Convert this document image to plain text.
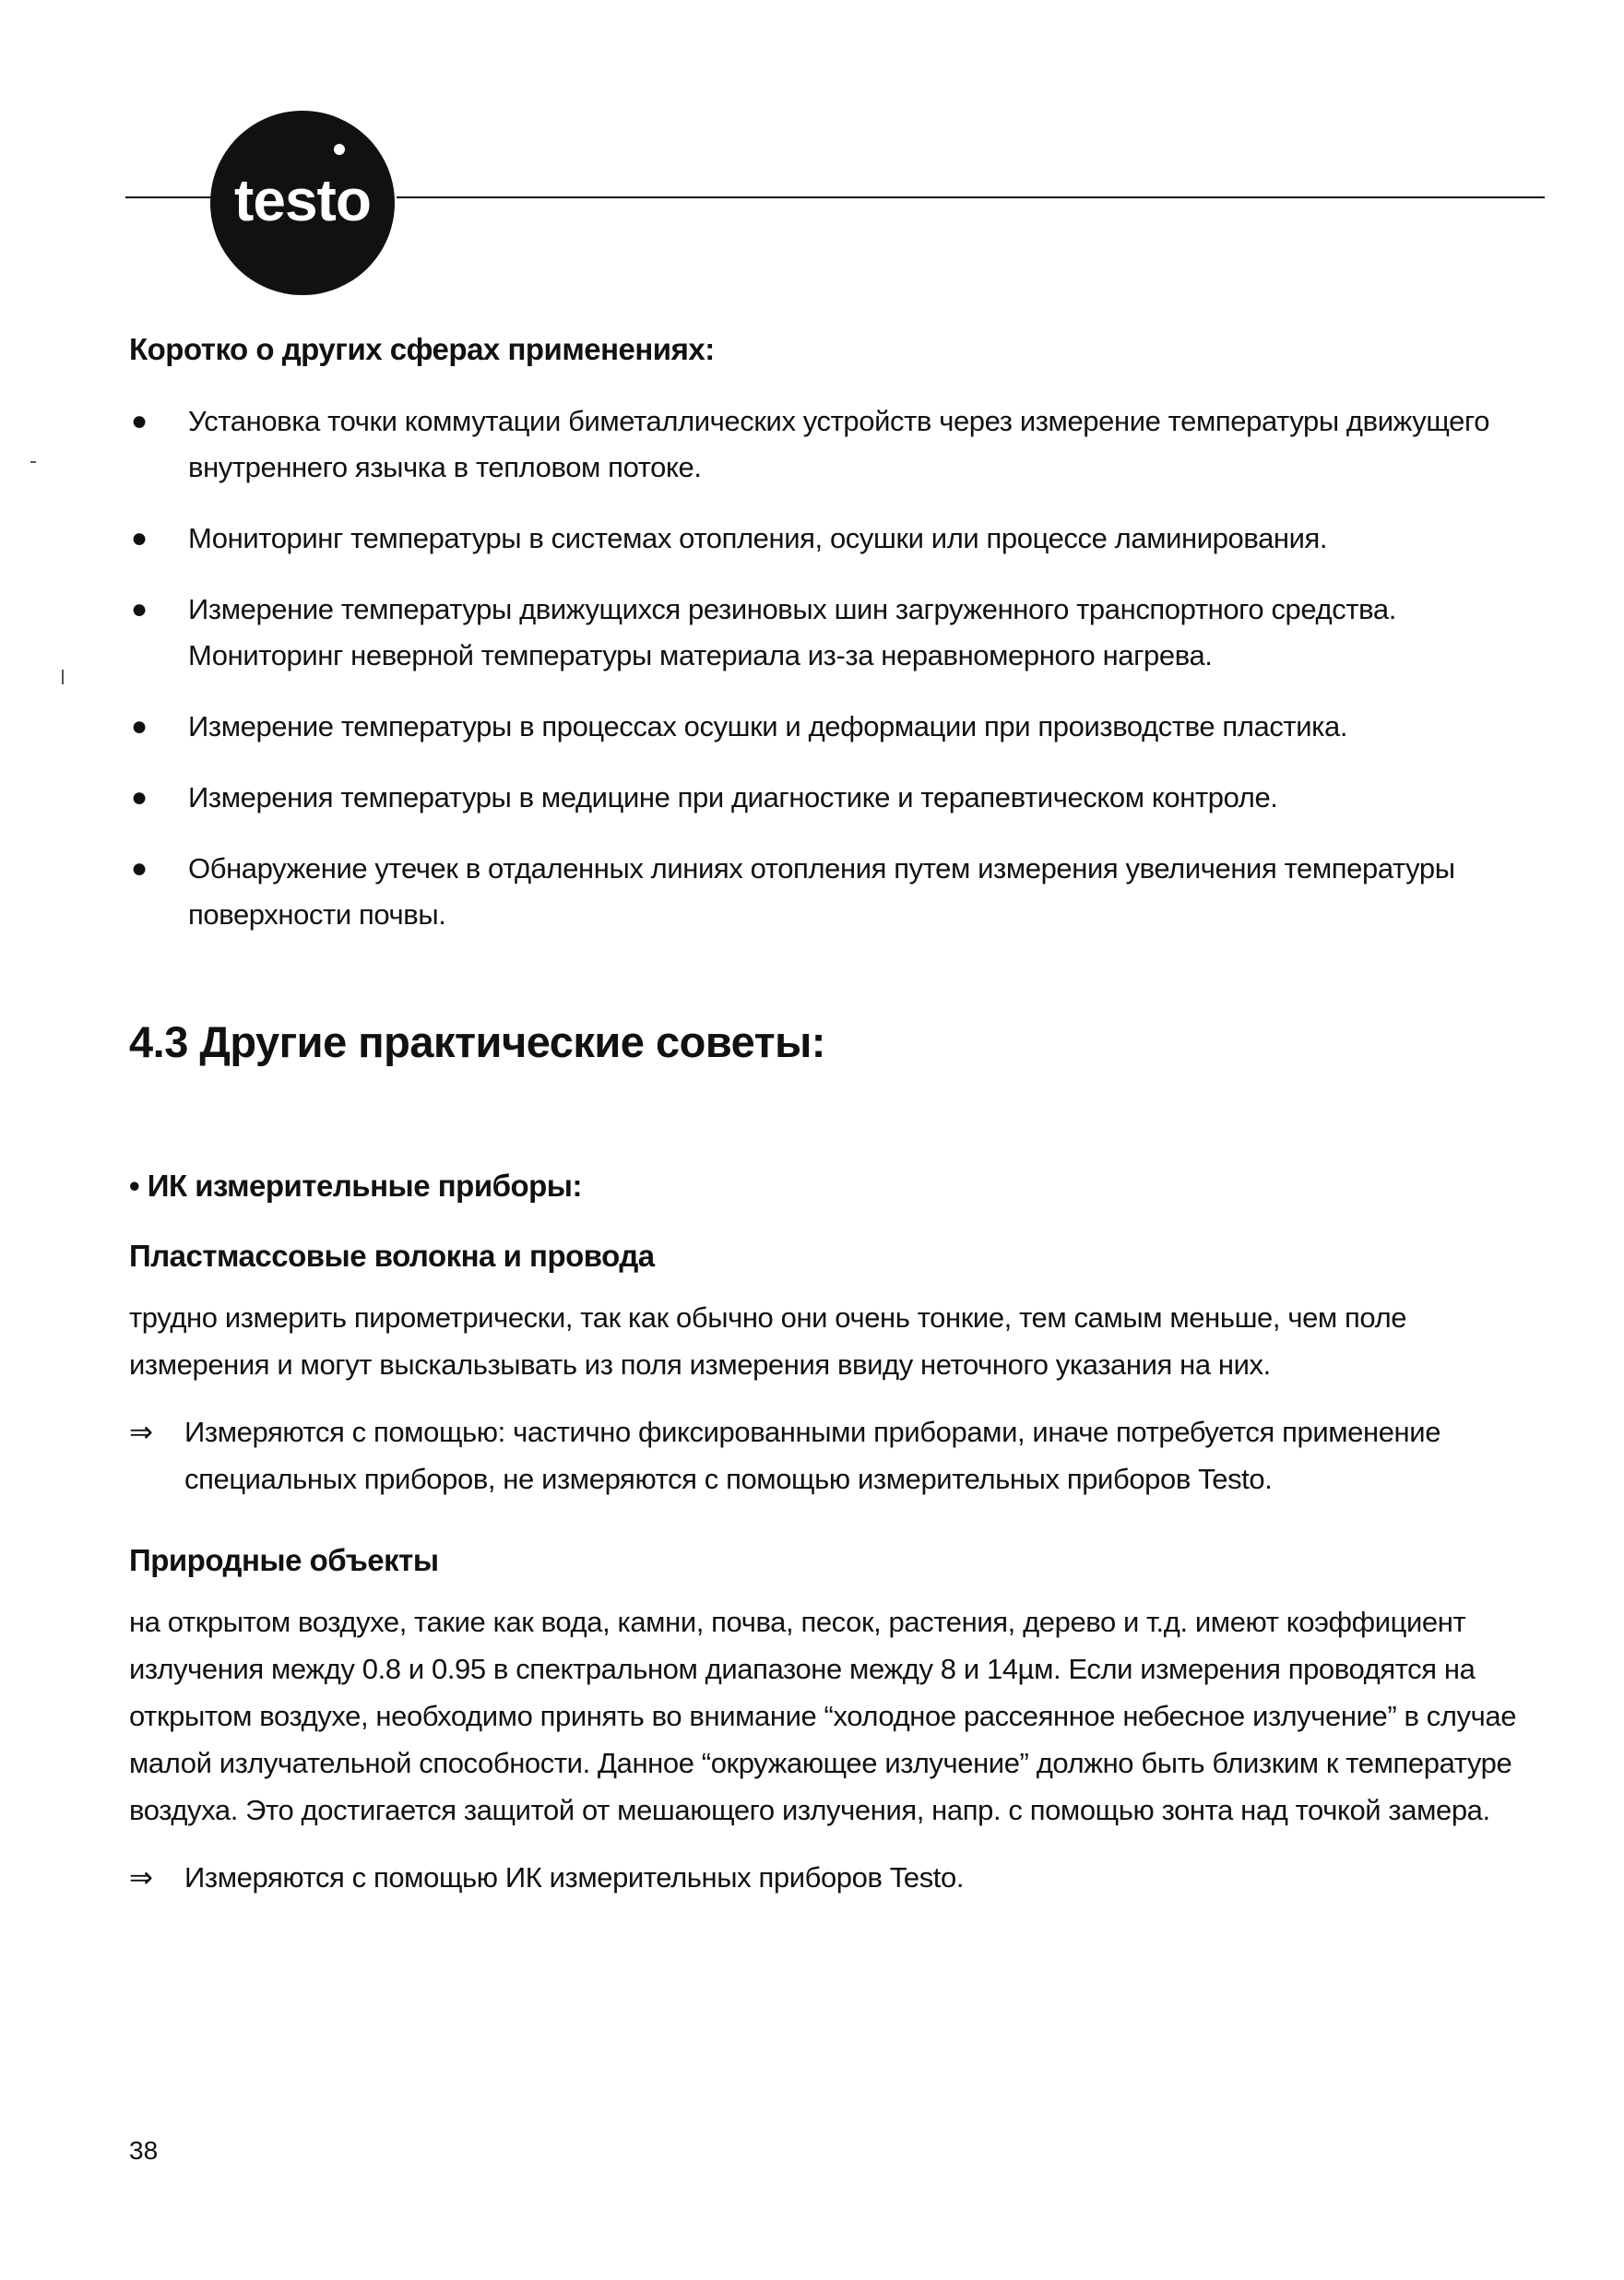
testo
Коротко о других сферах применениях:
● Установка точки коммутации биметаллических устройств через измерение температуры движущего внутреннего язычка в тепловом потоке.
● Мониторинг температуры в системах отопления, осушки или процессе ламинирования.
● Измерение температуры движущихся резиновых шин загруженного транспортного средства. Мониторинг неверной температуры материала из-за неравномерного нагрева.
● Измерение температуры в процессах осушки и деформации при производстве пластика.
● Измерения температуры в медицине при диагностике и терапевтическом контроле.
● Обнаружение утечек в отдаленных линиях отопления путем измерения увеличения температуры поверхности почвы.
4.3 Другие практические советы:
• ИК измерительные приборы:
Пластмассовые волокна и провода

трудно измерить пирометрически, так как обычно они очень тонкие, тем самым меньше, чем поле измерения и могут выскальзывать из поля измерения ввиду неточного указания на них.

⇒ Измеряются с помощью: частично фиксированными приборами, иначе потребуется применение специальных приборов, не измеряются с помощью измерительных приборов Testo.

Природные объекты

на открытом воздухе, такие как вода, камни, почва, песок, растения, дерево и т.д. имеют коэффициент излучения между 0.8 и 0.95 в спектральном диапазоне между 8 и 14µм. Если измерения проводятся на открытом воздухе, необходимо принять во внимание “холодное рассеянное небесное излучение” в случае малой излучательной способности. Данное “окружающее излучение” должно быть близким к температуре воздуха. Это достигается защитой от мешающего излучения, напр. с помощью зонта над точкой замера.

⇒ Измеряются с помощью ИК измерительных приборов Testo.

38
